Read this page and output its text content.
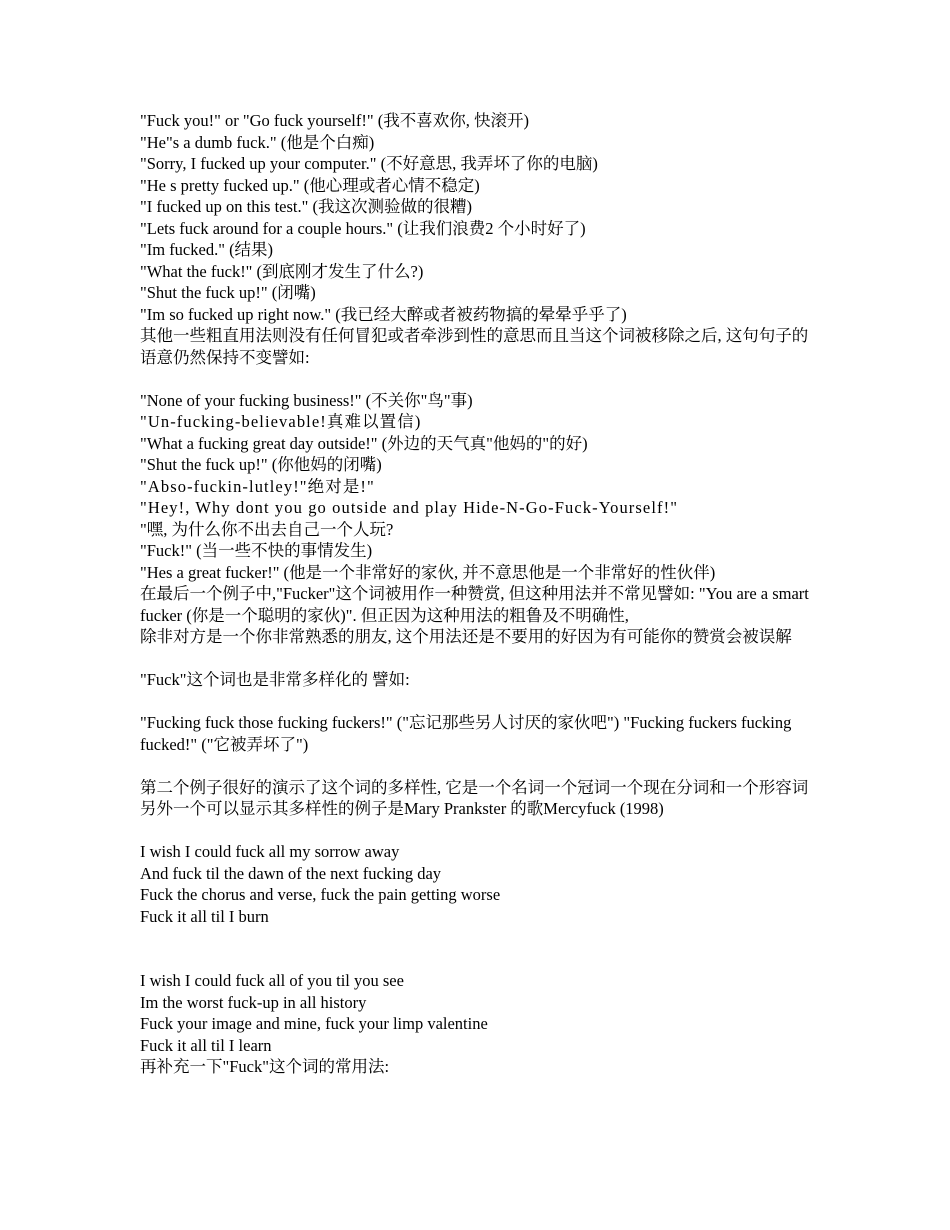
"Fuck you!" or "Go fuck yourself!" (我不喜欢你, 快滚开)

"He"s a dumb fuck." (他是个白痴)

"Sorry, I fucked up your computer." (不好意思, 我弄坏了你的电脑)

"He s pretty fucked up." (他心理或者心情不稳定)

"I fucked up on this test." (我这次测验做的很糟)

"Lets fuck around for a couple hours." (让我们浪费2 个小时好了)

"Im fucked." (结果)

"What the fuck!" (到底刚才发生了什么?)

"Shut the fuck up!" (闭嘴)

"Im so fucked up right now." (我已经大醉或者被药物搞的晕晕乎乎了)

其他一些粗直用法则没有任何冒犯或者牵涉到性的意思而且当这个词被移除之后, 这句句子的语意仍然保持不变譬如:

"None of your fucking business!" (不关你"鸟"事)

"Un-fucking-believable!真难以置信)

"What a fucking great day outside!" (外边的天气真"他妈的"的好)

"Shut the fuck up!" (你他妈的闭嘴)

"Abso-fuckin-lutley!"绝对是!"

"Hey!, Why dont you go outside and play Hide-N-Go-Fuck-Yourself!"

"嘿, 为什么你不出去自己一个人玩?

"Fuck!" (当一些不快的事情发生)

"Hes a great fucker!" (他是一个非常好的家伙, 并不意思他是一个非常好的性伙伴)

在最后一个例子中,"Fucker"这个词被用作一种赞赏, 但这种用法并不常见譬如: "You are a smart fucker (你是一个聪明的家伙)". 但正因为这种用法的粗鲁及不明确性,

除非对方是一个你非常熟悉的朋友, 这个用法还是不要用的好因为有可能你的赞赏会被误解

"Fuck"这个词也是非常多样化的 譬如:

"Fucking fuck those fucking fuckers!" ("忘记那些另人讨厌的家伙吧") "Fucking fuckers fucking fucked!" ("它被弄坏了")

第二个例子很好的演示了这个词的多样性, 它是一个名词一个冠词一个现在分词和一个形容词另外一个可以显示其多样性的例子是Mary Prankster 的歌Mercyfuck (1998)

I wish I could fuck all my sorrow away

And fuck til the dawn of the next fucking day

Fuck the chorus and verse, fuck the pain getting worse

Fuck it all til I burn

I wish I could fuck all of you til you see

Im the worst fuck-up in all history

Fuck your image and mine, fuck your limp valentine

Fuck it all til I learn

再补充一下"Fuck"这个词的常用法:
